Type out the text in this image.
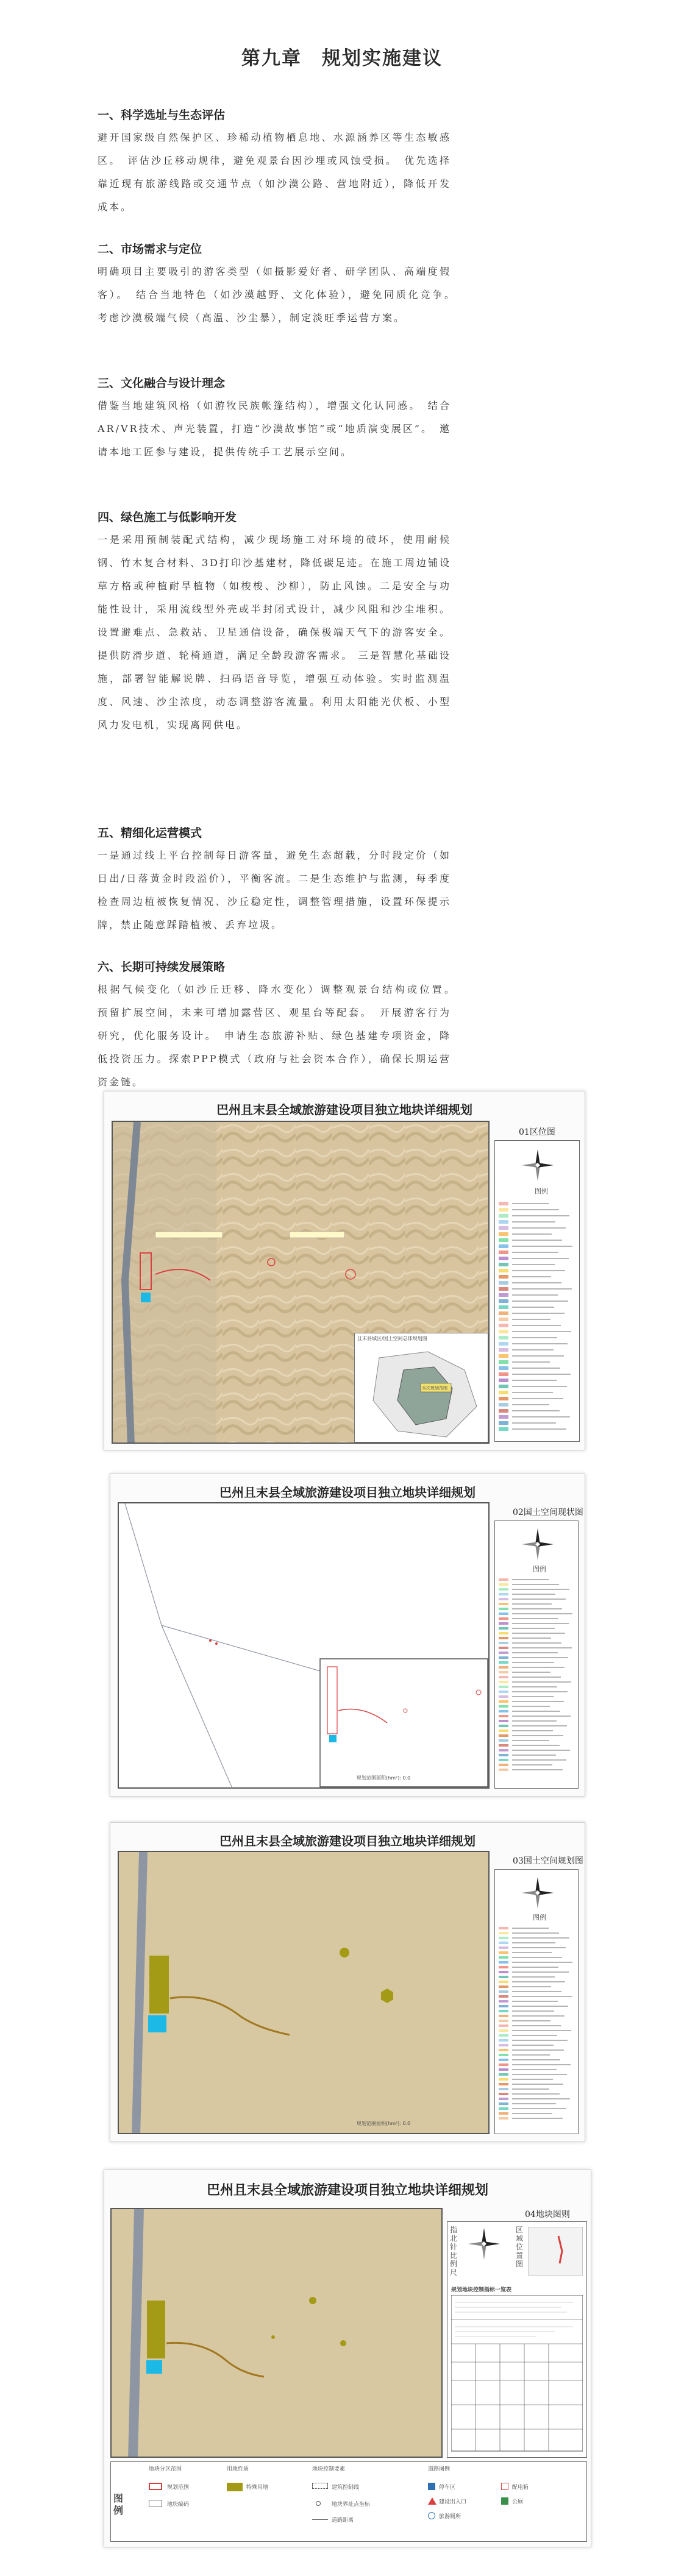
第九章　规划实施建议
一、科学选址与生态评估
避开国家级自然保护区、珍稀动植物栖息地、水源涵养区等生态敏感区。　评估沙丘移动规律，避免观景台因沙埋或风蚀受损。　优先选择靠近现有旅游线路或交通节点（如沙漠公路、营地附近），降低开发成本。
二、市场需求与定位
明确项目主要吸引的游客类型（如摄影爱好者、研学团队、高端度假客）。　结合当地特色（如沙漠越野、文化体验），避免同质化竞争。　考虑沙漠极端气候（高温、沙尘暴），制定淡旺季运营方案。
三、文化融合与设计理念
借鉴当地建筑风格（如游牧民族帐篷结构），增强文化认同感。　结合AR/VR技术、声光装置，打造“沙漠故事馆”或“地质演变展区”。　邀请本地工匠参与建设，提供传统手工艺展示空间。
四、绿色施工与低影响开发
一是采用预制装配式结构，减少现场施工对环境的破坏，使用耐候钢、竹木复合材料、3D打印沙基建材，降低碳足迹。在施工周边铺设草方格或种植耐旱植物（如梭梭、沙柳），防止风蚀。二是安全与功能性设计，采用流线型外壳或半封闭式设计，减少风阻和沙尘堆积。设置避难点、急救站、卫星通信设备，确保极端天气下的游客安全。提供防滑步道、轮椅通道，满足全龄段游客需求。 三是智慧化基础设施，部署智能解说牌、扫码语音导览，增强互动体验。实时监测温度、风速、沙尘浓度，动态调整游客流量。利用太阳能光伏板、小型风力发电机，实现离网供电。
五、精细化运营模式
一是通过线上平台控制每日游客量，避免生态超载，分时段定价（如日出/日落黄金时段溢价），平衡客流。二是生态维护与监测，每季度检查周边植被恢复情况、沙丘稳定性，调整管理措施，设置环保提示牌，禁止随意踩踏植被、丢弃垃圾。
六、长期可持续发展策略
根据气候变化（如沙丘迁移、降水变化）调整观景台结构或位置。　预留扩展空间，未来可增加露营区、观星台等配套。　开展游客行为研究，优化服务设计。　申请生态旅游补贴、绿色基建专项资金，降低投资压力。探索PPP模式（政府与社会资本合作），确保长期运营资金链。
巴州且末县全域旅游建设项目独立地块详细规划
且末县城区/国土空间总体规划图
本次规划范围
01区位图
图例
巴州且末县全域旅游建设项目独立地块详细规划
规划范围面积(hm²): 0.0
02国土空间现状图
图例
巴州且末县全域旅游建设项目独立地块详细规划
规划范围面积(hm²): 0.0
03国土空间规划图
图例
巴州且末县全域旅游建设项目独立地块详细规划
04地块图则
指北针比例尺
区域位置图
规划地块控制指标一览表
图例
地块分区范围	用地性质	地块控制要素	道路图例
规划范围
地块编码
特殊用地	建筑控制线
地块界址点坐标
道路距离
停车区
建设出入口
旅游厕所
配电箱
公厕
